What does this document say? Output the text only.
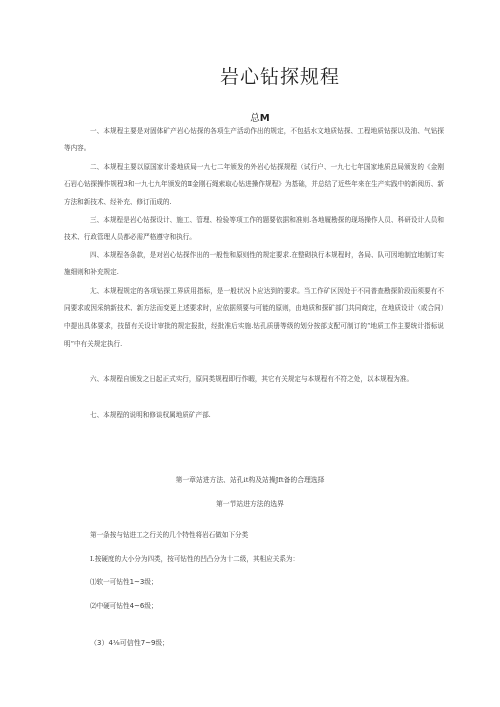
岩心钻探规程
总M

一、本规程主要是对固体矿产岩心钻探的各项生产活动作出的规定，不包括水文地质钻探、工程地质钻探以及油、气钻探等内容。

二、本规程主要以原国家计委地质局一九七二年颁发的外岩心钻探规程（试行户、一九七七年国家地质总局颁发的《金刚石岩心钻探操作规程3和一九七九年颁发的Ⅱ金刚石绳索取心钻进操作规程》为基础，并总结了近些年来在生产实践中的新阅历、新方法和新技术、经补充、修订而成的.

三、本规程是岩心钻探设计、施工、管理、检验等项工作的题要依据和准则.各地履勘探的现场操作人员、科研设计人员和技术、行政管理人员都必需严格遵守和执行。

四、本规程各条款，是对岩心钻探作出的一般性和原则性的规定要求.在整砌执行本规程时，各局、队可因地制宜地制订实施细则和补充规定.

尢、本规程规定的各项钻探工界质用指标，是一般状况卜应达到的要求。当工作矿区因处于不同普查勘探阶段而须要有不同要求或因采纳新技术、新方法而变更上述要求时，应依据须要与可能的原则，由地质和探矿部门共同商定，在地质设计（或合同）中提出具体要求，技留有关设计审批的规定报批，经批准后实施.钻孔质册等级的划分按部支配可制订的“地质工作主要统计指标说明”中有关规定执行.

六、本规程自颁发之日起正式实行，原同类规程即行作暇，其它有关规定与本规程有不符之处，以本规程为准。

七、本规程的说明和修谈权属地质矿产部.

第一章站进方法、站孔it构及站操Jft备的合理选择
第一节站进方法的选界
第一条按与钻进工之行关的几个特性将岩石做如下分类
Ⅰ.按硬度的大小分为四类，按可钻性的凹凸分为十二级，其相应关系为：
⑴软一可钻性1~3级；
⑵中硬可钻性4~6级；
（3）4⅛可信性7~9级；
